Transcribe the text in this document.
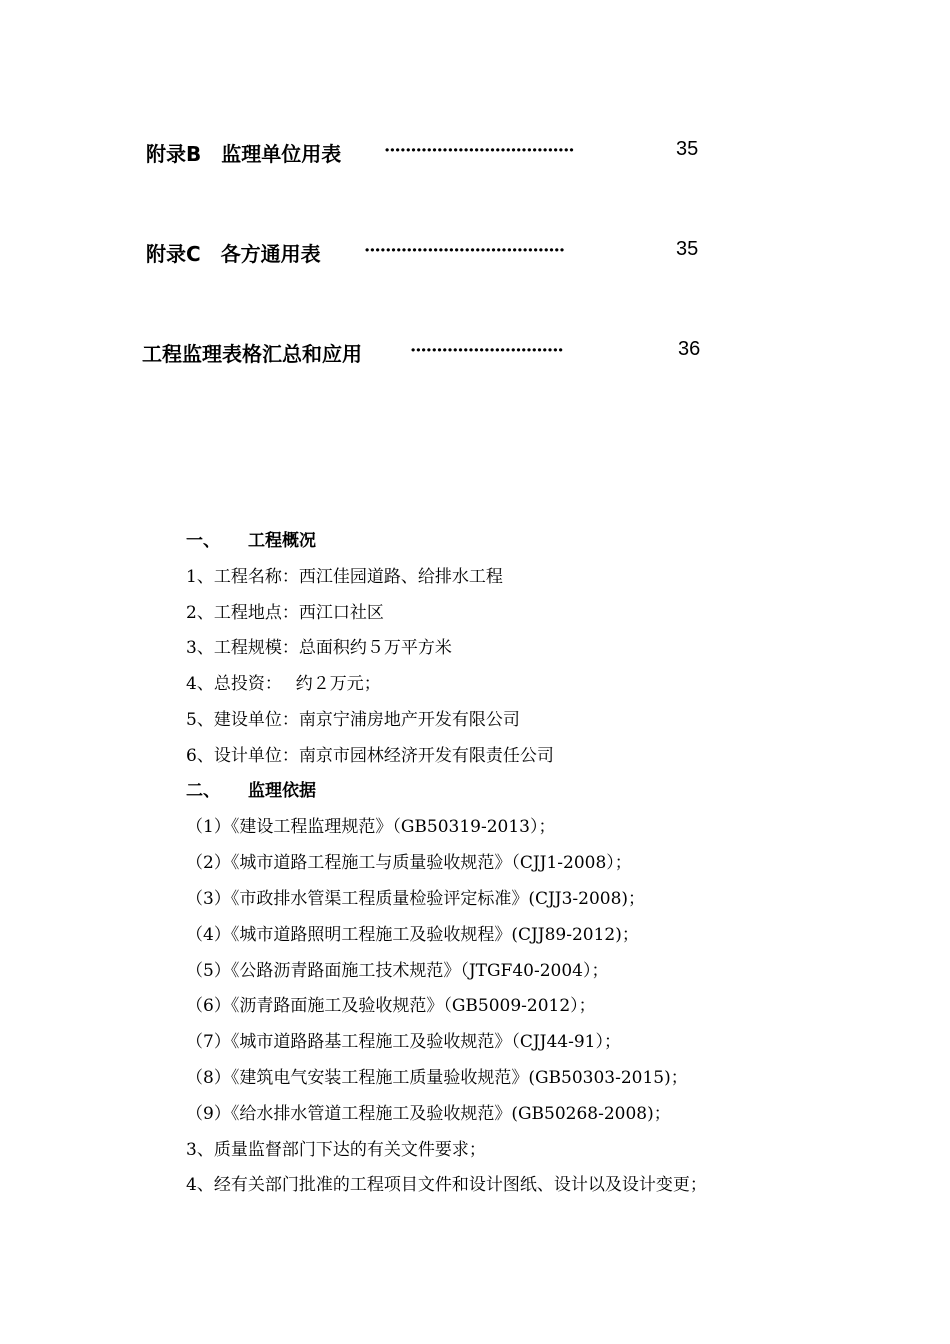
附录B　监理单位用表 ····································	35
附录C　各方通用表 ······································	35
工程监理表格汇总和应用	·····························	36
一、 工程概况
1、工程名称：西江佳园道路、给排水工程
2、工程地点：西江口社区
3、工程规模：总面积约５万平方米
4、总投资：　 约２万元；
5、建设单位：南京宁浦房地产开发有限公司
6、设计单位：南京市园林经济开发有限责任公司
二、 监理依据
（1）《建设工程监理规范》（GB50319-2013）；
（2）《城市道路工程施工与质量验收规范》（CJJ1-2008）；
（3）《市政排水管渠工程质量检验评定标准》(CJJ3-2008)；
（4）《城市道路照明工程施工及验收规程》(CJJ89-2012)；
（5）《公路沥青路面施工技术规范》（JTGF40-2004）；
（6）《沥青路面施工及验收规范》（GB5009-2012）；
（7）《城市道路路基工程施工及验收规范》（CJJ44-91）；
（8）《建筑电气安装工程施工质量验收规范》(GB50303-2015)；
（9）《给水排水管道工程施工及验收规范》(GB50268-2008)；
3、质量监督部门下达的有关文件要求；
4、经有关部门批准的工程项目文件和设计图纸、设计以及设计变更；
